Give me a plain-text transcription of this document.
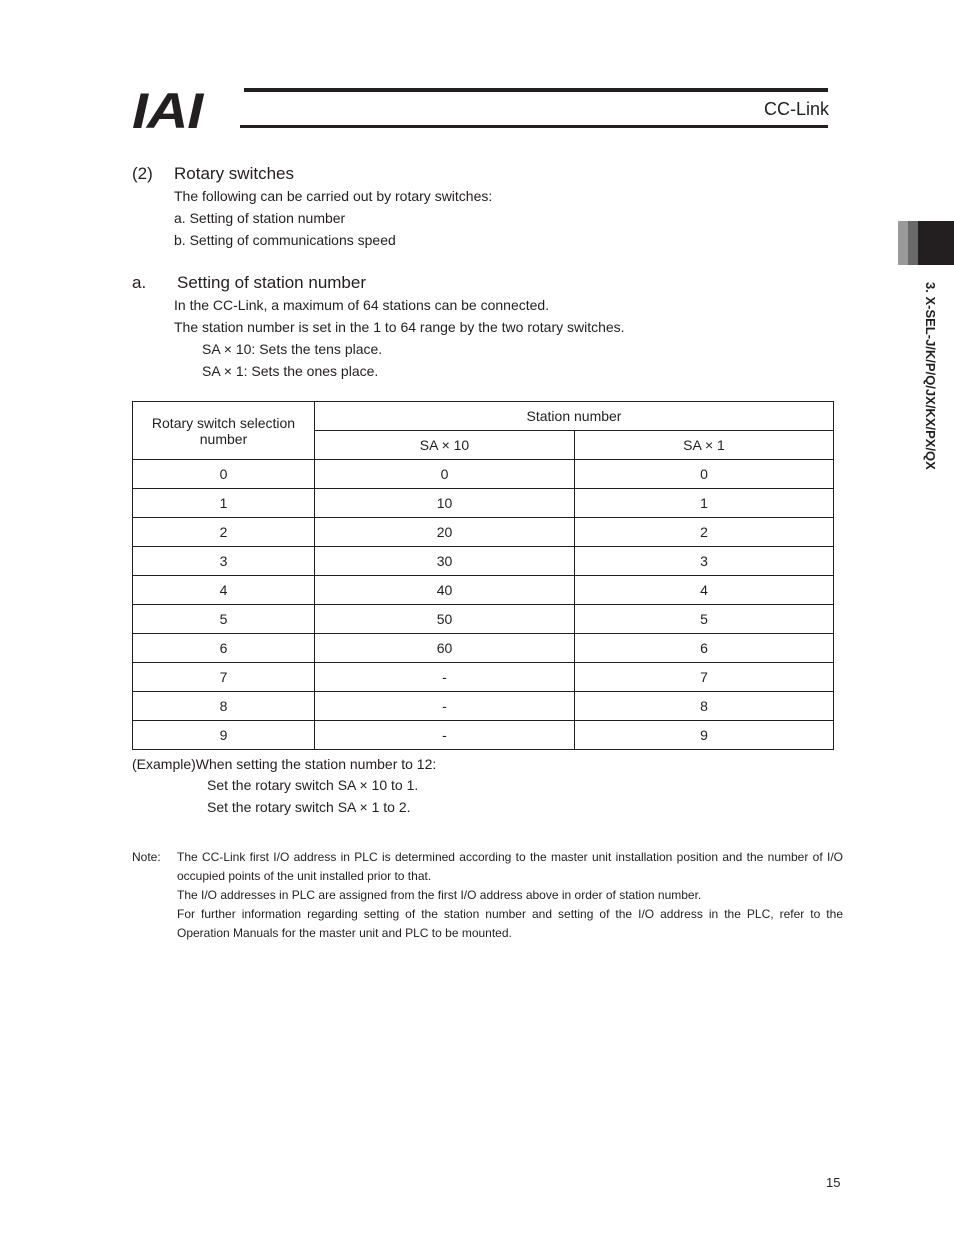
IAI	CC-Link
3. X-SEL-J/K/P/Q/JX/KX/PX/QX
(2) Rotary switches
The following can be carried out by rotary switches:
a. Setting of station number
b. Setting of communications speed
a. Setting of station number
In the CC-Link, a maximum of 64 stations can be connected.
The station number is set in the 1 to 64 range by the two rotary switches.
SA × 10: Sets the tens place.
SA × 1: Sets the ones place.
Rotary switch selection number	Station number	
	SA × 10	SA × 1
0	0	0
1	10	1
2	20	2
3	30	3
4	40	4
5	50	5
6	60	6
7	-	7
8	-	8
9	-	9
(Example)When setting the station number to 12:
Set the rotary switch SA × 10 to 1.
Set the rotary switch SA × 1 to 2.
Note: The CC-Link first I/O address in PLC is determined according to the master unit installation position and the number of I/O occupied points of the unit installed prior to that.
The I/O addresses in PLC are assigned from the first I/O address above in order of station number.
For further information regarding setting of the station number and setting of the I/O address in the PLC, refer to the Operation Manuals for the master unit and PLC to be mounted.
15
